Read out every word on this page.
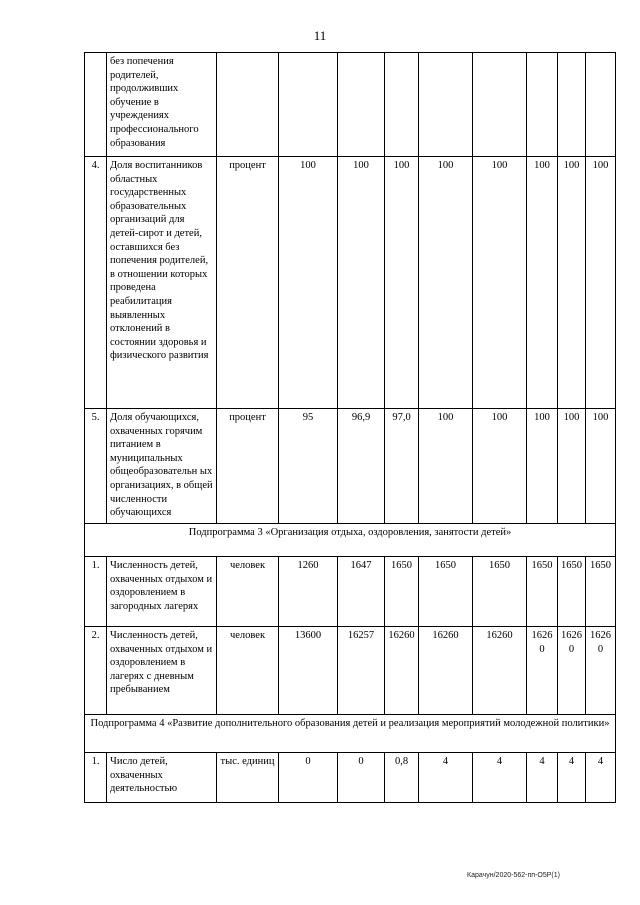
11
	без попечения родителей, продолживших обучение в учреждениях профессионального образования									
4.	Доля воспитанников областных государственных образовательных организаций для детей-сирот и детей, оставшихся без попечения родителей, в отношении которых проведена реабилитация выявленных отклонений в состоянии здоровья и физического развития	процент	100	100	100	100	100	100	100	100
5.	Доля обучающихся, охваченных горячим питанием в муниципальных общеобразовательн ых организациях, в общей численности обучающихся	процент	95	96,9	97,0	100	100	100	100	100
Подпрограмма 3 «Организация отдыха, оздоровления, занятости детей»										
1.	Численность детей, охваченных отдыхом и оздоровлением в загородных лагерях	человек	1260	1647	1650	1650	1650	1650	1650	1650
2.	Численность детей, охваченных отдыхом и оздоровлением в лагерях с дневным пребыванием	человек	13600	16257	16260	16260	16260	16260	1626 0	16260
Подпрограмма 4 «Развитие дополнительного образования детей и реализация мероприятий молодежной политики»										
1.	Число детей, охваченных деятельностью	тыс. единиц	0	0	0,8	4	4	4	4	4
Карачун/2020-562-пп-О5Р(1)
